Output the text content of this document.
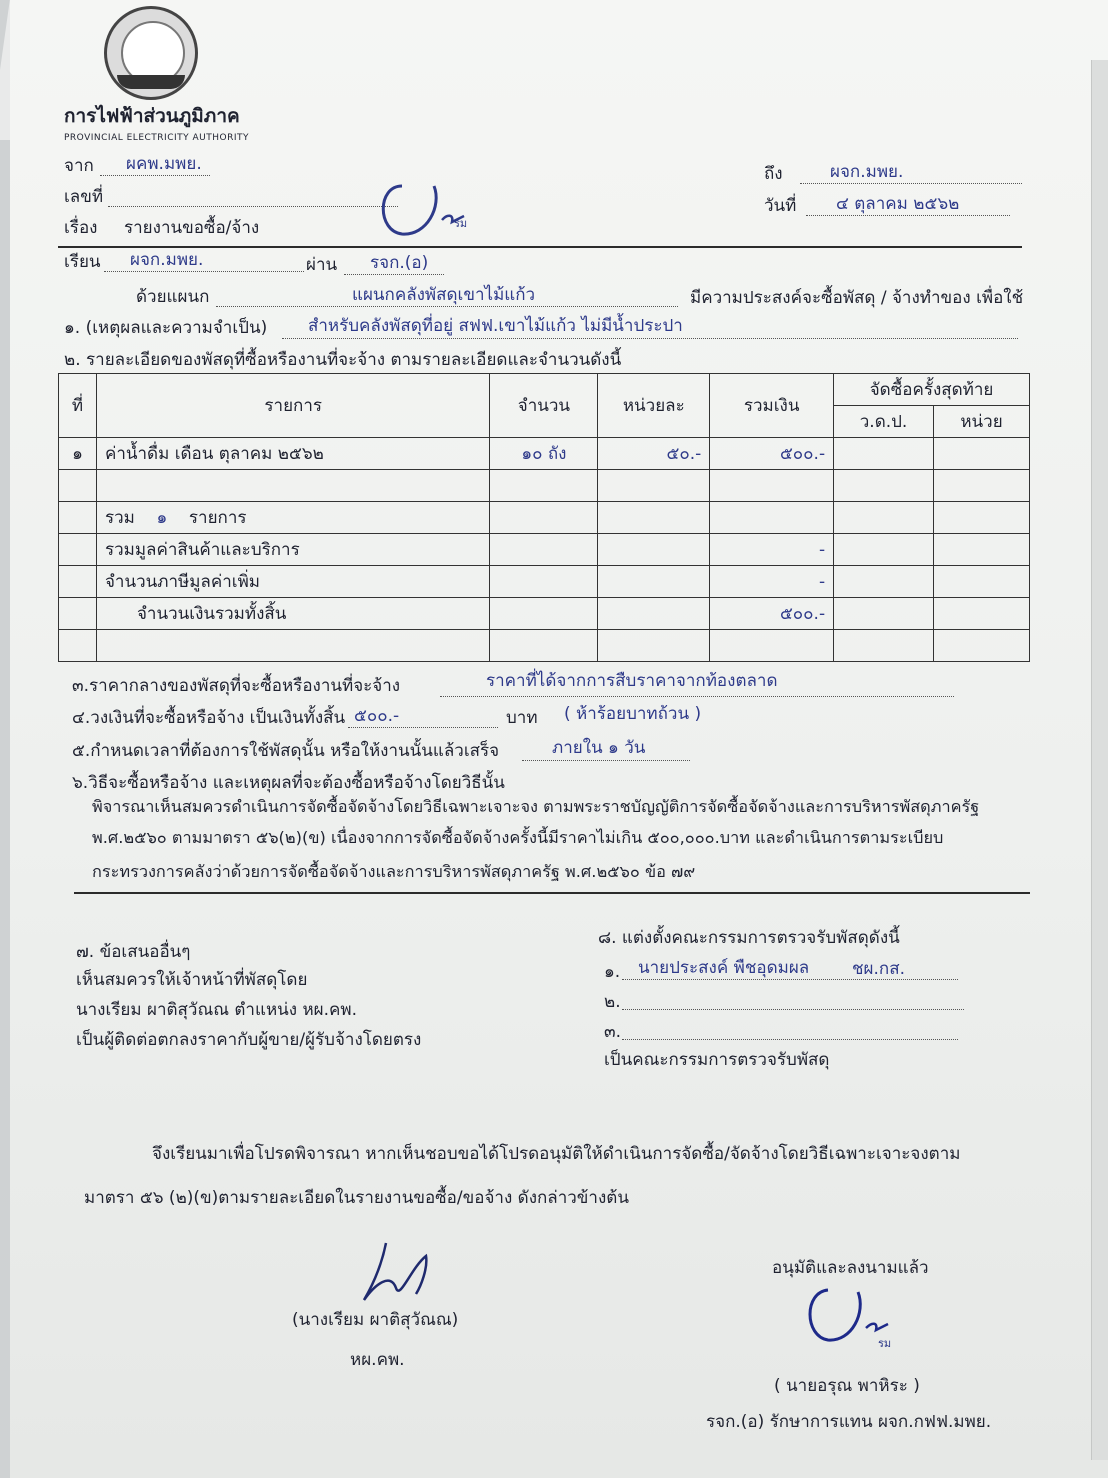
การไฟฟ้าส่วนภูมิภาค
PROVINCIAL ELECTRICITY AUTHORITY
จาก ผคพ.มพย.	ถึง	ผจก.มพย.
เลขที่	วันที่ ๔ ตุลาคม ๒๕๖๒
เรื่อง รายงานขอซื้อ/จ้าง	รม
เรียน ผจก.มพย.	ผ่าน รจก.(อ)
ด้วยแผนก	แผนกคลังพัสดุเขาไม้แก้ว	มีความประสงค์จะซื้อพัสดุ / จ้างทำของ เพื่อใช้
๑. (เหตุผลและความจำเป็น) สำหรับคลังพัสดุที่อยู่ สฟฟ.เขาไม้แก้ว ไม่มีน้ำประปา
๒. รายละเอียดของพัสดุที่ซื้อหรืองานที่จะจ้าง ตามรายละเอียดและจำนวนดังนี้
ที่	รายการ	จำนวน	หน่วยละ	รวมเงิน	จัดซื้อครั้งสุดท้าย	
					ว.ด.ป.	หน่วย
๑	ค่าน้ำดื่ม เดือน ตุลาคม ๒๕๖๒	๑๐ ถัง	๕๐.-	๕๐๐.-		

	รวม ๑ รายการ					
	รวมมูลค่าสินค้าและบริการ			-		
	จำนวนภาษีมูลค่าเพิ่ม			-		
	จำนวนเงินรวมทั้งสิ้น			๕๐๐.-		

๓.ราคากลางของพัสดุที่จะซื้อหรืองานที่จะจ้าง	ราคาที่ได้จากการสืบราคาจากท้องตลาด
๔.วงเงินที่จะซื้อหรือจ้าง เป็นเงินทั้งสิ้น ๕๐๐.-	บาท ( ห้าร้อยบาทถ้วน )
๕.กำหนดเวลาที่ต้องการใช้พัสดุนั้น หรือให้งานนั้นแล้วเสร็จ	ภายใน ๑ วัน
๖.วิธีจะซื้อหรือจ้าง และเหตุผลที่จะต้องซื้อหรือจ้างโดยวิธีนั้น
พิจารณาเห็นสมควรดำเนินการจัดซื้อจัดจ้างโดยวิธีเฉพาะเจาะจง ตามพระราชบัญญัติการจัดซื้อจัดจ้างและการบริหารพัสดุภาครัฐ
พ.ศ.๒๕๖๐ ตามมาตรา ๕๖(๒)(ข) เนื่องจากการจัดซื้อจัดจ้างครั้งนี้มีราคาไม่เกิน ๕๐๐,๐๐๐.บาท และดำเนินการตามระเบียบ
กระทรวงการคลังว่าด้วยการจัดซื้อจัดจ้างและการบริหารพัสดุภาครัฐ พ.ศ.๒๕๖๐ ข้อ ๗๙
๗. ข้อเสนออื่นๆ
เห็นสมควรให้เจ้าหน้าที่พัสดุโดย
นางเรียม ผาติสุวัณณ ตำแหน่ง หผ.คพ.
เป็นผู้ติดต่อตกลงราคากับผู้ขาย/ผู้รับจ้างโดยตรง
๘. แต่งตั้งคณะกรรมการตรวจรับพัสดุดังนี้
๑. นายประสงค์ พืชอุดมผล	ชผ.กส.
๒.
๓.
เป็นคณะกรรมการตรวจรับพัสดุ
จึงเรียนมาเพื่อโปรดพิจารณา หากเห็นชอบขอได้โปรดอนุมัติให้ดำเนินการจัดซื้อ/จัดจ้างโดยวิธีเฉพาะเจาะจงตาม
มาตรา ๕๖ (๒)(ข)ตามรายละเอียดในรายงานขอซื้อ/ขอจ้าง ดังกล่าวข้างต้น
(นางเรียม ผาติสุวัณณ)
หผ.คพ.
อนุมัติและลงนามแล้ว
รม
( นายอรุณ พาหิระ )
รจก.(อ) รักษาการแทน ผจก.กฟฟ.มพย.
